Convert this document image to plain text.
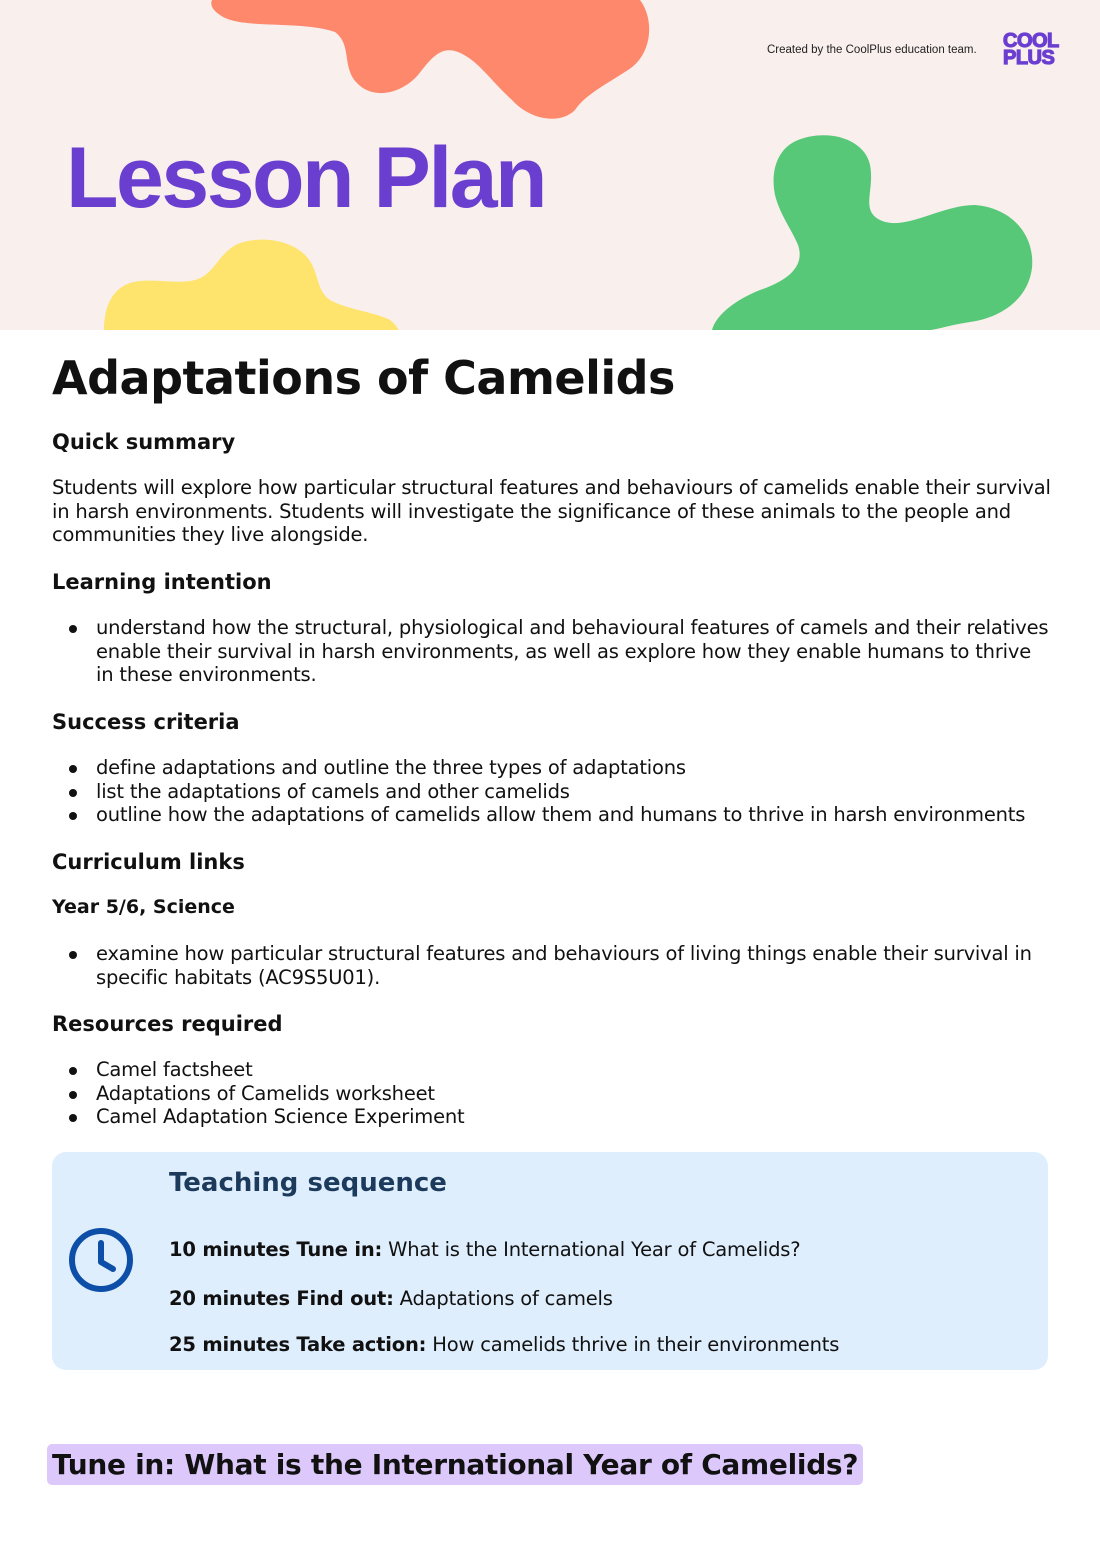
Created by the CoolPlus education team. COOL
PLUS
Lesson Plan
Adaptations of Camelids
Quick summary

Students will explore how particular structural features and behaviours of camelids enable their survival in harsh environments. Students will investigate the significance of these animals to the people and communities they live alongside.

Learning intention
understand how the structural, physiological and behavioural features of camels and their relatives enable their survival in harsh environments, as well as explore how they enable humans to thrive in these environments.
Success criteria
define adaptations and outline the three types of adaptations
list the adaptations of camels and other camelids
outline how the adaptations of camelids allow them and humans to thrive in harsh environments
Curriculum links
Year 5/6, Science
examine how particular structural features and behaviours of living things enable their survival in specific habitats (AC9S5U01).
Resources required
Camel factsheet
Adaptations of Camelids worksheet
Camel Adaptation Science Experiment
Teaching sequence
10 minutes Tune in: What is the International Year of Camelids?
20 minutes Find out: Adaptations of camels
25 minutes Take action: How camelids thrive in their environments
Tune in: What is the International Year of Camelids?
